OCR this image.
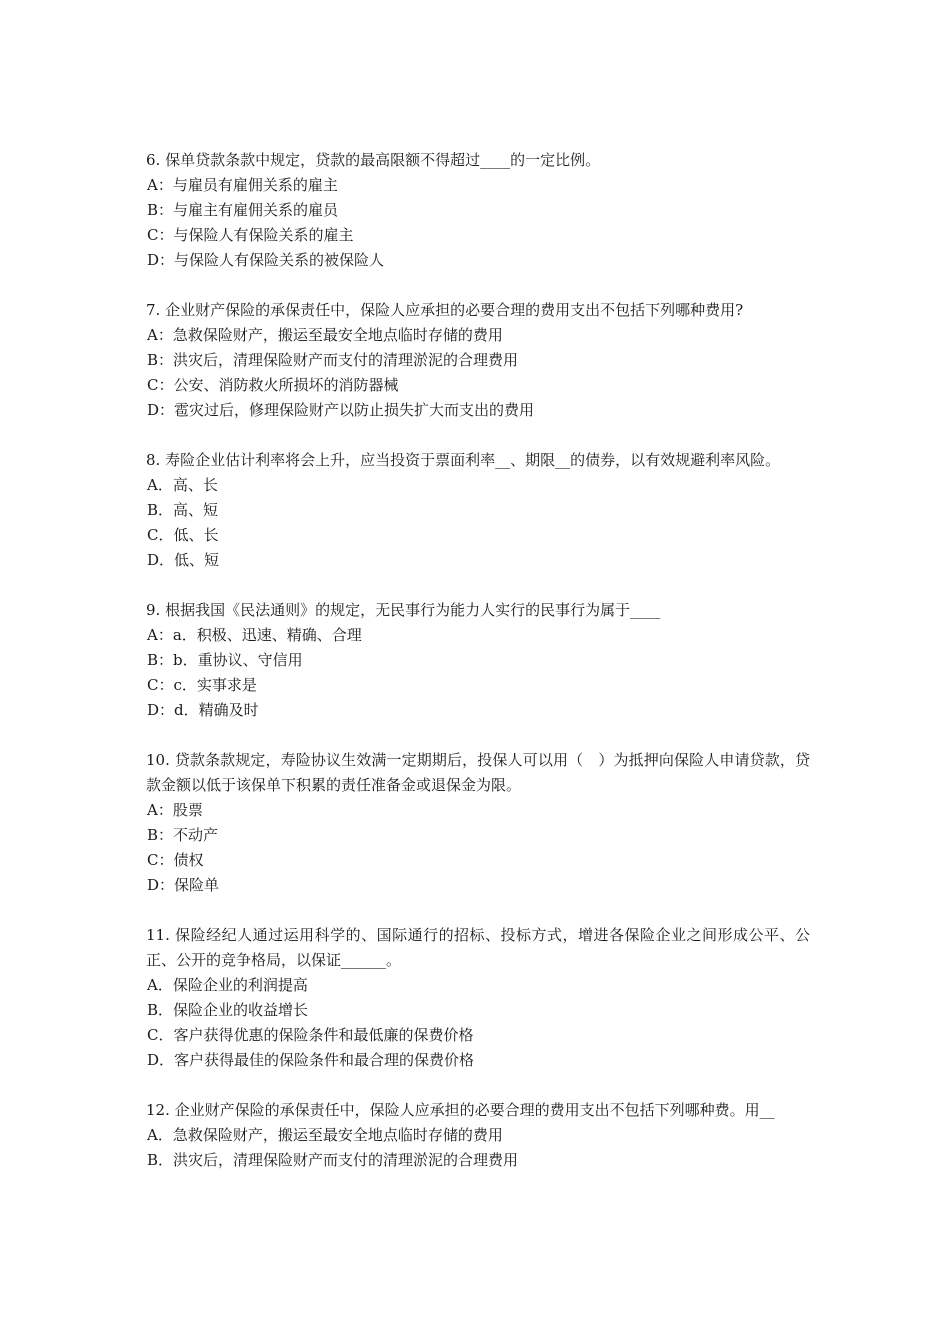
6. 保单贷款条款中规定，贷款的最高限额不得超过____的一定比例。

A：与雇员有雇佣关系的雇主

B：与雇主有雇佣关系的雇员

C：与保险人有保险关系的雇主

D：与保险人有保险关系的被保险人

7. 企业财产保险的承保责任中，保险人应承担的必要合理的费用支出不包括下列哪种费用?

A：急救保险财产，搬运至最安全地点临时存储的费用

B：洪灾后，清理保险财产而支付的清理淤泥的合理费用

C：公安、消防救火所损坏的消防器械

D：雹灾过后，修理保险财产以防止损失扩大而支出的费用

8. 寿险企业估计利率将会上升，应当投资于票面利率__、期限__的债券，以有效规避利率风险。

A．高、长

B．高、短

C．低、长

D．低、短

9. 根据我国《民法通则》的规定，无民事行为能力人实行的民事行为属于____

A：a．积极、迅速、精确、合理

B：b．重协议、守信用

C：c．实事求是

D：d．精确及时

10. 贷款条款规定，寿险协议生效满一定期期后，投保人可以用（　）为抵押向保险人申请贷款，贷款金额以低于该保单下积累的责任准备金或退保金为限。

A：股票

B：不动产

C：债权

D：保险单

11. 保险经纪人通过运用科学的、国际通行的招标、投标方式，增进各保险企业之间形成公平、公正、公开的竞争格局，以保证______。

A．保险企业的利润提高

B．保险企业的收益增长

C．客户获得优惠的保险条件和最低廉的保费价格

D．客户获得最佳的保险条件和最合理的保费价格

12. 企业财产保险的承保责任中，保险人应承担的必要合理的费用支出不包括下列哪种费。用__

A．急救保险财产，搬运至最安全地点临时存储的费用

B．洪灾后，清理保险财产而支付的清理淤泥的合理费用
